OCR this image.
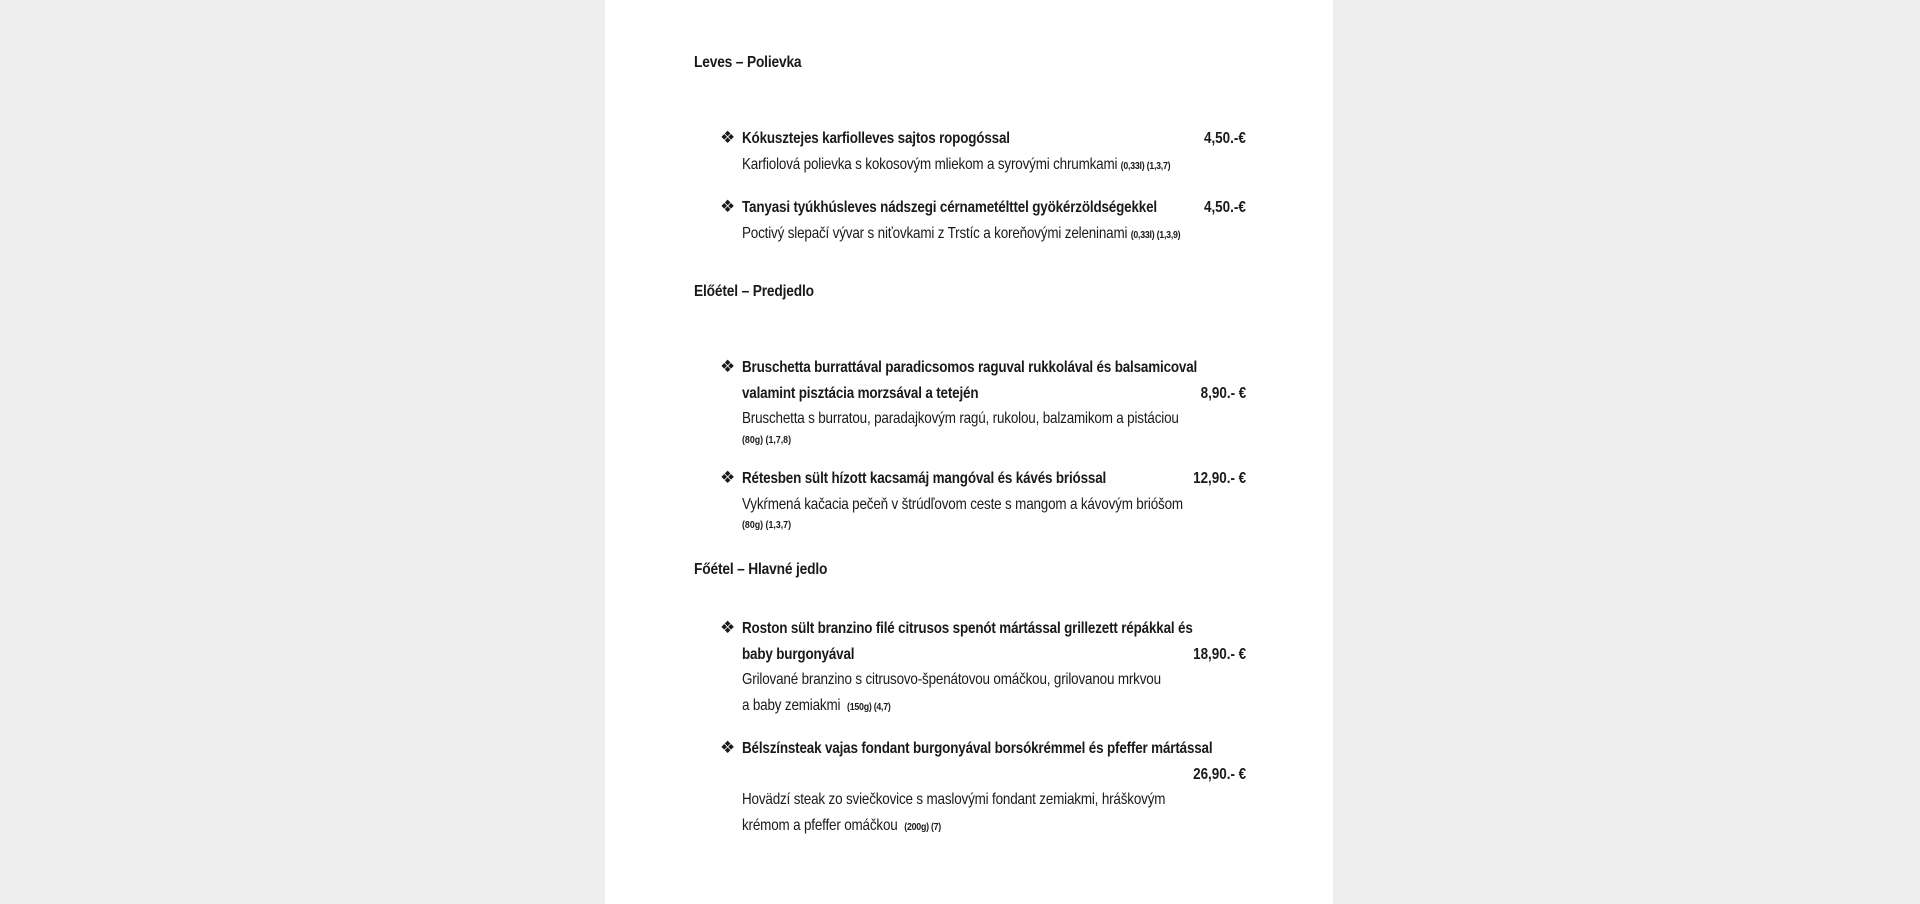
Leves – Polievka
❖ Kókusztejes karfiolleves sajtos ropogóssal	4,50.-€
Karfiolová polievka s kokosovým mliekom a syrovými chrumkami (0,33l) (1,3,7)
❖ Tanyasi tyúkhúsleves nádszegi cérnametélttel gyökérzöldségekkel	4,50.-€
Poctivý slepačí vývar s niťovkami z Trstíc a koreňovými zeleninami (0,33l) (1,3,9)
Előétel – Predjedlo
❖ Bruschetta burrattával paradicsomos raguval rukkolával és balsamicoval
valamint pisztácia morzsával a tetején	8,90.- €
Bruschetta s burratou, paradajkovým ragú, rukolou, balzamikom a pistáciou
(80g) (1,7,8)
❖ Rétesben sült hízott kacsamáj mangóval és kávés brióssal	12,90.- €
Vykŕmená kačacia pečeň v štrúdľovom ceste s mangom a kávovým brióšom
(80g) (1,3,7)
Főétel – Hlavné jedlo
❖ Roston sült branzino filé citrusos spenót mártással grillezett répákkal és
baby burgonyával	18,90.- €
Grilované branzino s citrusovo-špenátovou omáčkou, grilovanou mrkvou
a baby zemiakmi (150g) (4,7)
❖ Bélszínsteak vajas fondant burgonyával borsókrémmel és pfeffer mártással
26,90.- €
Hovädzí steak zo sviečkovice s maslovými fondant zemiakmi, hráškovým
krémom a pfeffer omáčkou (200g) (7)
